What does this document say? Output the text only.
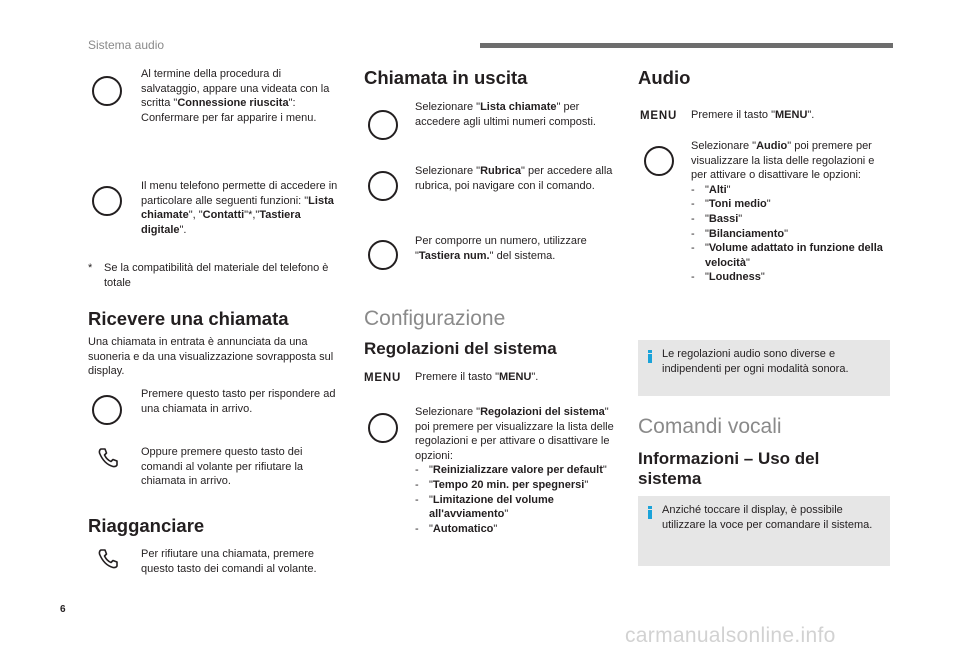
Sistema audio
Al termine della procedura di salvataggio, appare una videata con la scritta "Connessione riuscita": Confermare per far apparire i menu.
Il menu telefono permette di accedere in particolare alle seguenti funzioni: "Lista chiamate", "Contatti"*,"Tastiera digitale".
* Se la compatibilità del materiale del telefono è totale
Ricevere una chiamata
Una chiamata in entrata è annunciata da una suoneria e da una visualizzazione sovrapposta sul display.
Premere questo tasto per rispondere ad una chiamata in arrivo.
Oppure premere questo tasto dei comandi al volante per rifiutare la chiamata in arrivo.
Riagganciare
Per rifiutare una chiamata, premere questo tasto dei comandi al volante.
Chiamata in uscita
Selezionare "Lista chiamate" per accedere agli ultimi numeri composti.
Selezionare "Rubrica" per accedere alla rubrica, poi navigare con il comando.
Per comporre un numero, utilizzare "Tastiera num." del sistema.
Configurazione
Regolazioni del sistema
MENU Premere il tasto "MENU".
Selezionare "Regolazioni del sistema" poi premere per visualizzare la lista delle regolazioni e per attivare o disattivare le opzioni:
- "Reinizializzare valore per default"
- "Tempo 20 min. per spegnersi"
- "Limitazione del volume all'avviamento"
- "Automatico"
Audio
MENU Premere il tasto "MENU".
Selezionare "Audio" poi premere per visualizzare la lista delle regolazioni e per attivare o disattivare le opzioni:
- "Alti"
- "Toni medio"
- "Bassi"
- "Bilanciamento"
- "Volume adattato in funzione della velocità"
- "Loudness"
Le regolazioni audio sono diverse e indipendenti per ogni modalità sonora.
Comandi vocali
Informazioni – Uso del sistema
Anziché toccare il display, è possibile utilizzare la voce per comandare il sistema.
6
carmanualsonline.info
